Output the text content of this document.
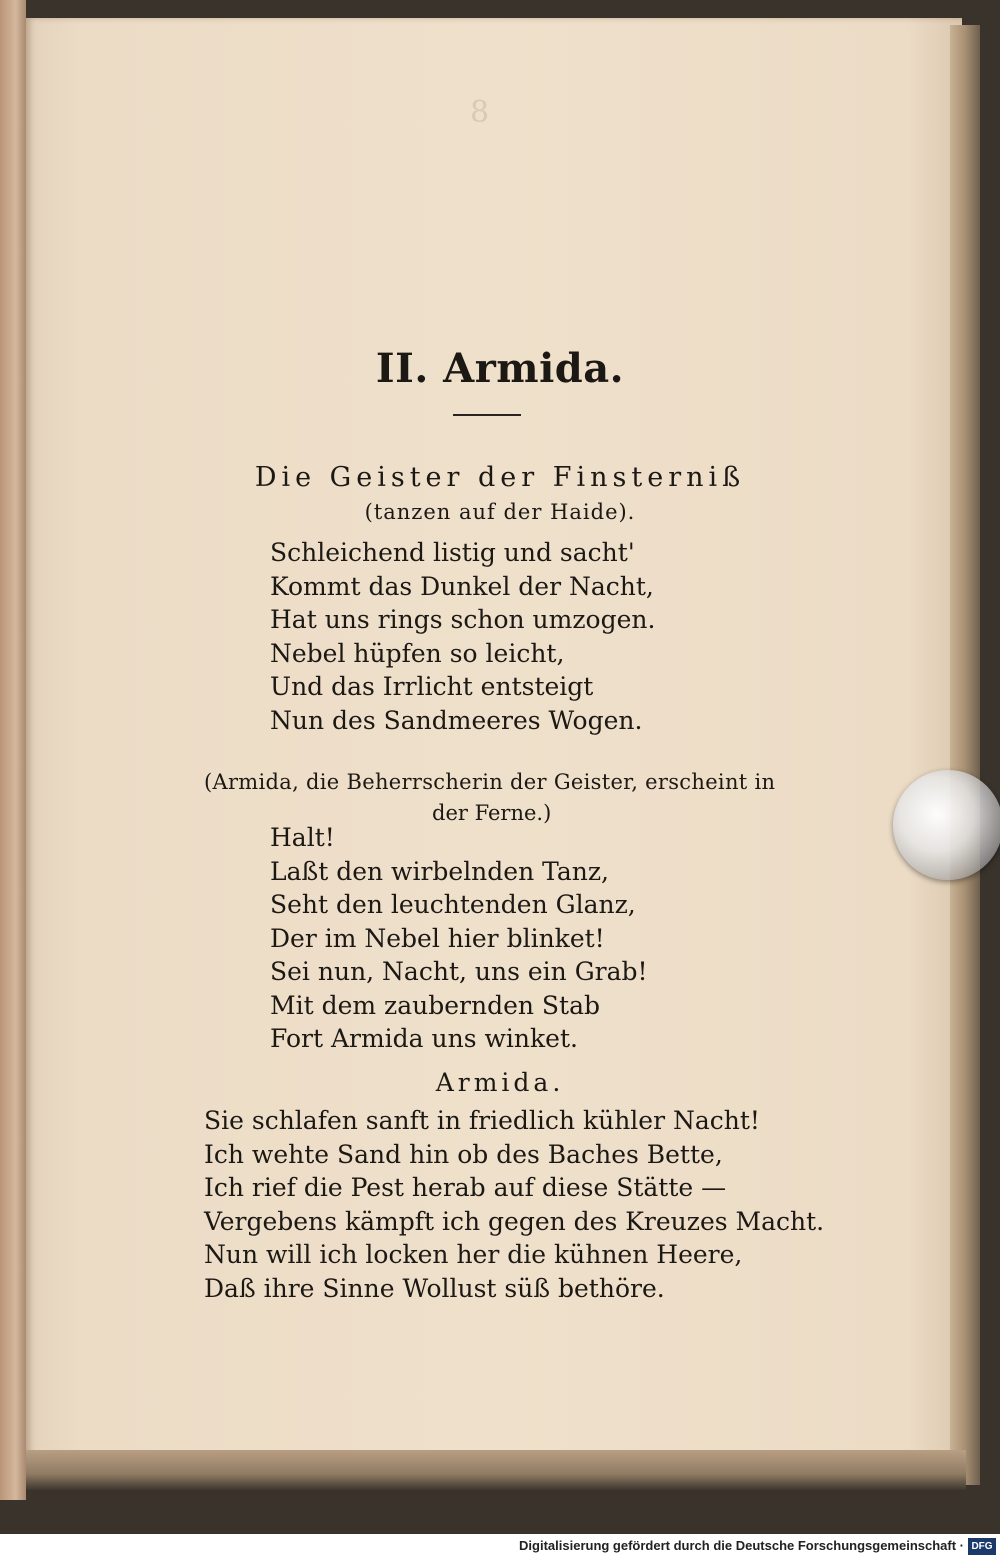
8
II. Armida.
Die Geister der Finsterniß
(tanzen auf der Haide).
Schleichend listig und sacht'
Kommt das Dunkel der Nacht,
Hat uns rings schon umzogen.
Nebel hüpfen so leicht,
Und das Irrlicht entsteigt
Nun des Sandmeeres Wogen.
(Armida, die Beherrscherin der Geister, erscheint in
der Ferne.)
Halt!
Laßt den wirbelnden Tanz,
Seht den leuchtenden Glanz,
Der im Nebel hier blinket!
Sei nun, Nacht, uns ein Grab!
Mit dem zaubernden Stab
Fort Armida uns winket.
Armida.
Sie schlafen sanft in friedlich kühler Nacht!
Ich wehte Sand hin ob des Baches Bette,
Ich rief die Pest herab auf diese Stätte —
Vergebens kämpft ich gegen des Kreuzes Macht.
Nun will ich locken her die kühnen Heere,
Daß ihre Sinne Wollust süß bethöre.
Digitalisierung gefördert durch die Deutsche Forschungsgemeinschaft · DFG
